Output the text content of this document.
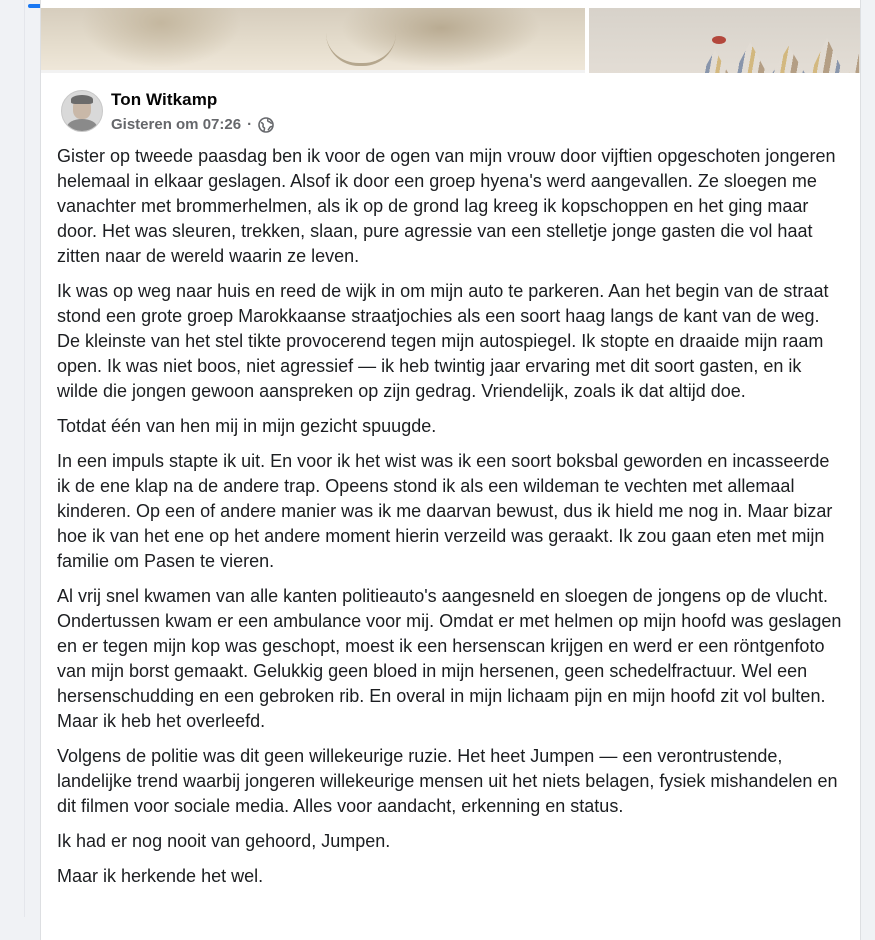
Ton Witkamp
Gisteren om 07:26 ·

Gister op tweede paasdag ben ik voor de ogen van mijn vrouw door vijftien opgeschoten jongeren helemaal in elkaar geslagen. Alsof ik door een groep hyena's werd aangevallen. Ze sloegen me vanachter met brommerhelmen, als ik op de grond lag kreeg ik kopschoppen en het ging maar door. Het was sleuren, trekken, slaan, pure agressie van een stelletje jonge gasten die vol haat zitten naar de wereld waarin ze leven.

Ik was op weg naar huis en reed de wijk in om mijn auto te parkeren. Aan het begin van de straat stond een grote groep Marokkaanse straatjochies als een soort haag langs de kant van de weg. De kleinste van het stel tikte provocerend tegen mijn autospiegel. Ik stopte en draaide mijn raam open. Ik was niet boos, niet agressief — ik heb twintig jaar ervaring met dit soort gasten, en ik wilde die jongen gewoon aanspreken op zijn gedrag. Vriendelijk, zoals ik dat altijd doe.

Totdat één van hen mij in mijn gezicht spuugde.

In een impuls stapte ik uit. En voor ik het wist was ik een soort boksbal geworden en incasseerde ik de ene klap na de andere trap. Opeens stond ik als een wildeman te vechten met allemaal kinderen. Op een of andere manier was ik me daarvan bewust, dus ik hield me nog in. Maar bizar hoe ik van het ene op het andere moment hierin verzeild was geraakt. Ik zou gaan eten met mijn familie om Pasen te vieren.

Al vrij snel kwamen van alle kanten politieauto's aangesneld en sloegen de jongens op de vlucht. Ondertussen kwam er een ambulance voor mij. Omdat er met helmen op mijn hoofd was geslagen en er tegen mijn kop was geschopt, moest ik een hersenscan krijgen en werd er een röntgenfoto van mijn borst gemaakt. Gelukkig geen bloed in mijn hersenen, geen schedelfractuur. Wel een hersenschudding en een gebroken rib. En overal in mijn lichaam pijn en mijn hoofd zit vol bulten. Maar ik heb het overleefd.

Volgens de politie was dit geen willekeurige ruzie. Het heet Jumpen — een verontrustende, landelijke trend waarbij jongeren willekeurige mensen uit het niets belagen, fysiek mishandelen en dit filmen voor sociale media. Alles voor aandacht, erkenning en status.

Ik had er nog nooit van gehoord, Jumpen.

Maar ik herkende het wel.
